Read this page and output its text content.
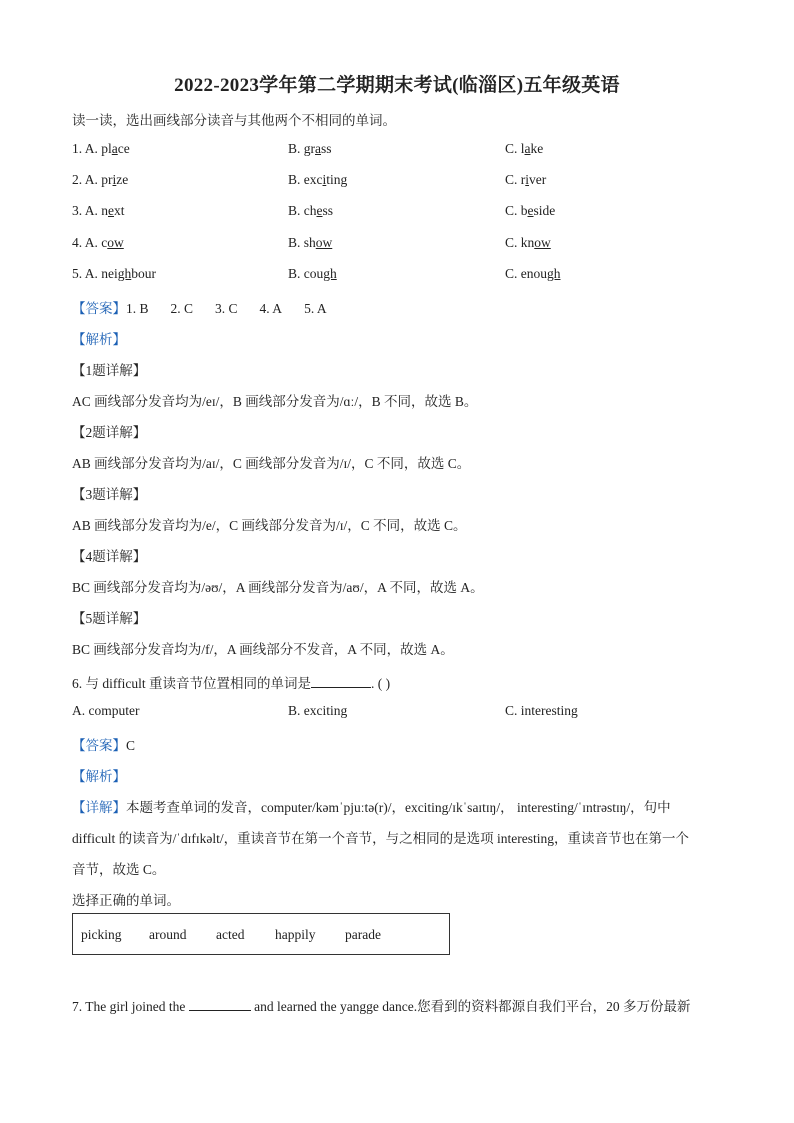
2022-2023学年第二学期期末考试(临淄区)五年级英语
读一读，选出画线部分读音与其他两个不相同的单词。
1. A. place	B. grass	C. lake
2. A. prize	B. exciting	C. river
3. A. next	B. chess	C. beside
4. A. cow	B. show	C. know
5. A. neighbour	B. cough	C. enough
【答案】1. B 2. C 3. C 4. A 5. A
【解析】
【1题详解】
AC 画线部分发音均为/eɪ/，B 画线部分发音为/ɑː/，B 不同，故选 B。
【2题详解】
AB 画线部分发音均为/aɪ/，C 画线部分发音为/ɪ/，C 不同，故选 C。
【3题详解】
AB 画线部分发音均为/e/，C 画线部分发音为/ɪ/，C 不同，故选 C。
【4题详解】
BC 画线部分发音均为/əʊ/，A 画线部分发音为/aʊ/，A 不同，故选 A。
【5题详解】
BC 画线部分发音均为/f/，A 画线部分不发音，A 不同，故选 A。
6. 与 difficult 重读音节位置相同的单词是	. ( )
A. computer	B. exciting	C. interesting
【答案】C
【解析】
【详解】本题考查单词的发音，computer/kəmˈpjuːtə(r)/，exciting/ɪkˈsaɪtɪŋ/， interesting/ˈɪntrəstɪŋ/，句中
difficult 的读音为/ˈdɪfɪkəlt/，重读音节在第一个音节，与之相同的是选项 interesting，重读音节也在第一个
音节，故选 C。
选择正确的单词。
picking around acted happily parade
7. The girl joined the	and learned the yangge dance.您看到的资料都源自我们平台，20 多万份最新
